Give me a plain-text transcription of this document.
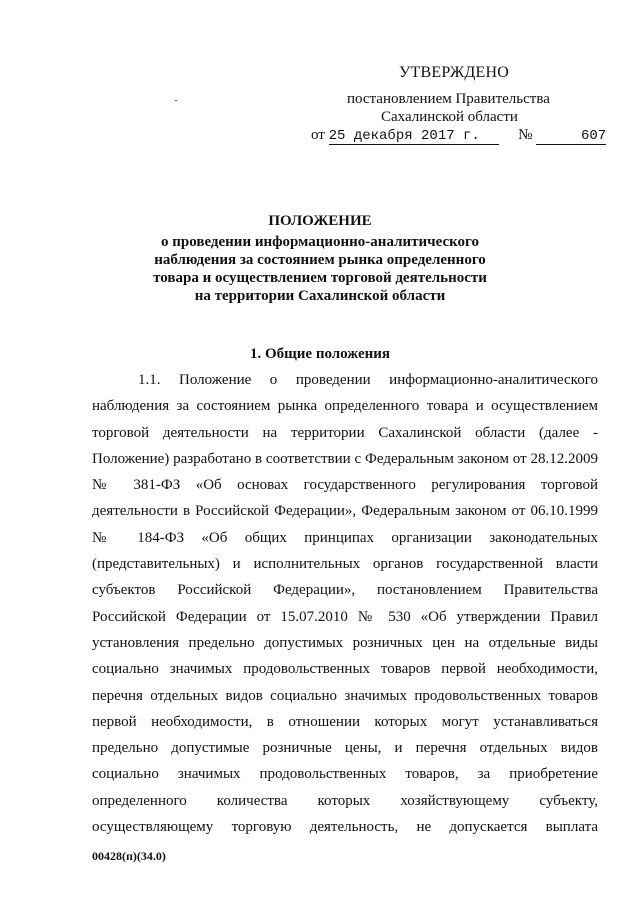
УТВЕРЖДЕНО
постановлением Правительства
Сахалинской области
от 25 декабря 2017 г.	№	607
ПОЛОЖЕНИЕ
о проведении информационно-аналитического
наблюдения за состоянием рынка определенного
товара и осуществлением торговой деятельности
на территории Сахалинской области
1. Общие положения
1.1. Положение о проведении информационно-аналитического
наблюдения за состоянием рынка определенного товара и осуществлением
торговой деятельности на территории Сахалинской области (далее -
Положение) разработано в соответствии с Федеральным законом от 28.12.2009
№ 381-ФЗ «Об основах государственного регулирования торговой
деятельности в Российской Федерации», Федеральным законом от 06.10.1999
№ 184-ФЗ «Об общих принципах организации законодательных
(представительных) и исполнительных органов государственной власти
субъектов Российской Федерации», постановлением Правительства
Российской Федерации от 15.07.2010 № 530 «Об утверждении Правил
установления предельно допустимых розничных цен на отдельные виды
социально значимых продовольственных товаров первой необходимости,
перечня отдельных видов социально значимых продовольственных товаров
первой необходимости, в отношении которых могут устанавливаться
предельно допустимые розничные цены, и перечня отдельных видов
социально значимых продовольственных товаров, за приобретение
определенного количества которых хозяйствующему субъекту,
осуществляющему торговую деятельность, не допускается выплата
00428(п)(34.0)
